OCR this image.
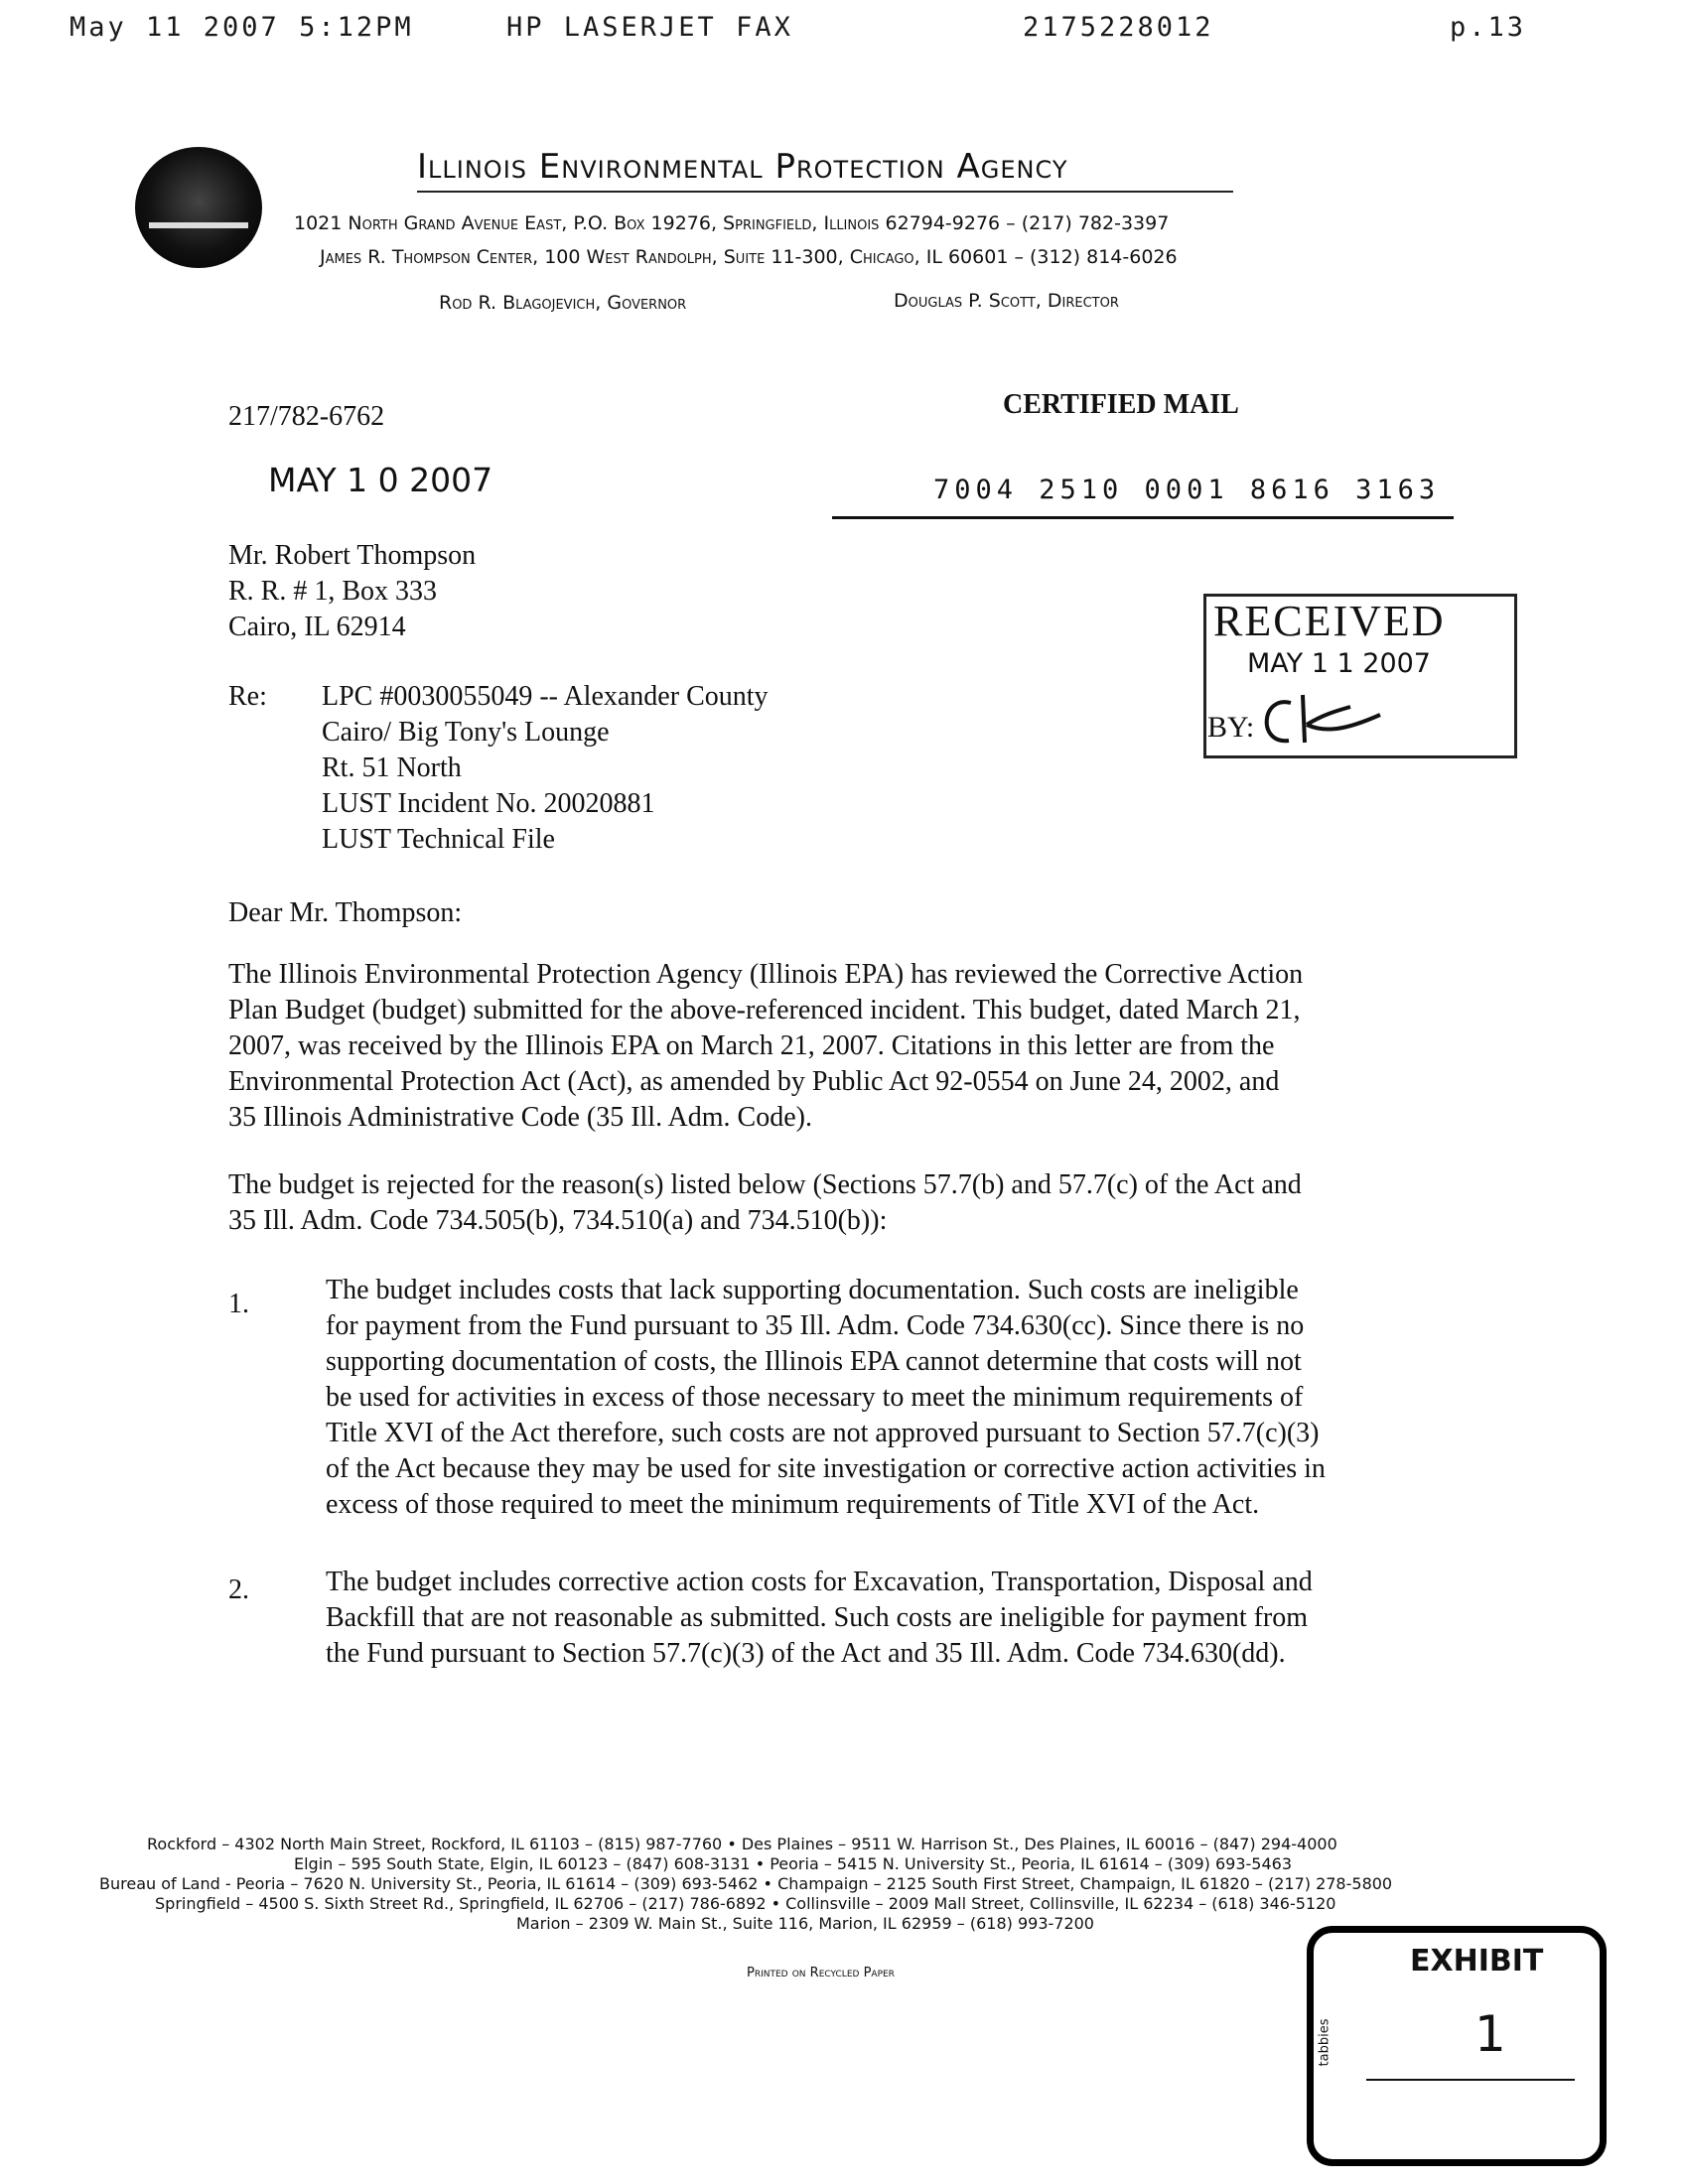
May 11 2007 5:12PM	HP LASERJET FAX	2175228012	p.13
Illinois Environmental Protection Agency
1021 North Grand Avenue East, P.O. Box 19276, Springfield, Illinois 62794-9276 – (217) 782-3397
James R. Thompson Center, 100 West Randolph, Suite 11-300, Chicago, IL 60601 – (312) 814-6026
Rod R. Blagojevich, Governor	Douglas P. Scott, Director
217/782-6762	CERTIFIED MAIL
MAY 1 0 2007	7004 2510 0001 8616 3163
Mr. Robert Thompson
R. R. # 1, Box 333
Cairo, IL 62914	RECEIVED
MAY 1 1 2007
BY:
Re: LPC #0030055049 -- Alexander County
Cairo/ Big Tony's Lounge
Rt. 51 North
LUST Incident No. 20020881
LUST Technical File
Dear Mr. Thompson:
The Illinois Environmental Protection Agency (Illinois EPA) has reviewed the Corrective Action
Plan Budget (budget) submitted for the above-referenced incident. This budget, dated March 21,
2007, was received by the Illinois EPA on March 21, 2007. Citations in this letter are from the
Environmental Protection Act (Act), as amended by Public Act 92-0554 on June 24, 2002, and
35 Illinois Administrative Code (35 Ill. Adm. Code).
The budget is rejected for the reason(s) listed below (Sections 57.7(b) and 57.7(c) of the Act and
35 Ill. Adm. Code 734.505(b), 734.510(a) and 734.510(b)):
1.	The budget includes costs that lack supporting documentation. Such costs are ineligible
for payment from the Fund pursuant to 35 Ill. Adm. Code 734.630(cc). Since there is no
supporting documentation of costs, the Illinois EPA cannot determine that costs will not
be used for activities in excess of those necessary to meet the minimum requirements of
Title XVI of the Act therefore, such costs are not approved pursuant to Section 57.7(c)(3)
of the Act because they may be used for site investigation or corrective action activities in
excess of those required to meet the minimum requirements of Title XVI of the Act.
2.	The budget includes corrective action costs for Excavation, Transportation, Disposal and
Backfill that are not reasonable as submitted. Such costs are ineligible for payment from
the Fund pursuant to Section 57.7(c)(3) of the Act and 35 Ill. Adm. Code 734.630(dd).
Rockford – 4302 North Main Street, Rockford, IL 61103 – (815) 987-7760 • Des Plaines – 9511 W. Harrison St., Des Plaines, IL 60016 – (847) 294-4000
Elgin – 595 South State, Elgin, IL 60123 – (847) 608-3131 • Peoria – 5415 N. University St., Peoria, IL 61614 – (309) 693-5463
Bureau of Land - Peoria – 7620 N. University St., Peoria, IL 61614 – (309) 693-5462 • Champaign – 2125 South First Street, Champaign, IL 61820 – (217) 278-5800
Springfield – 4500 S. Sixth Street Rd., Springfield, IL 62706 – (217) 786-6892 • Collinsville – 2009 Mall Street, Collinsville, IL 62234 – (618) 346-5120
Marion – 2309 W. Main St., Suite 116, Marion, IL 62959 – (618) 993-7200
Printed on Recycled Paper	EXHIBIT
tabbies	1
